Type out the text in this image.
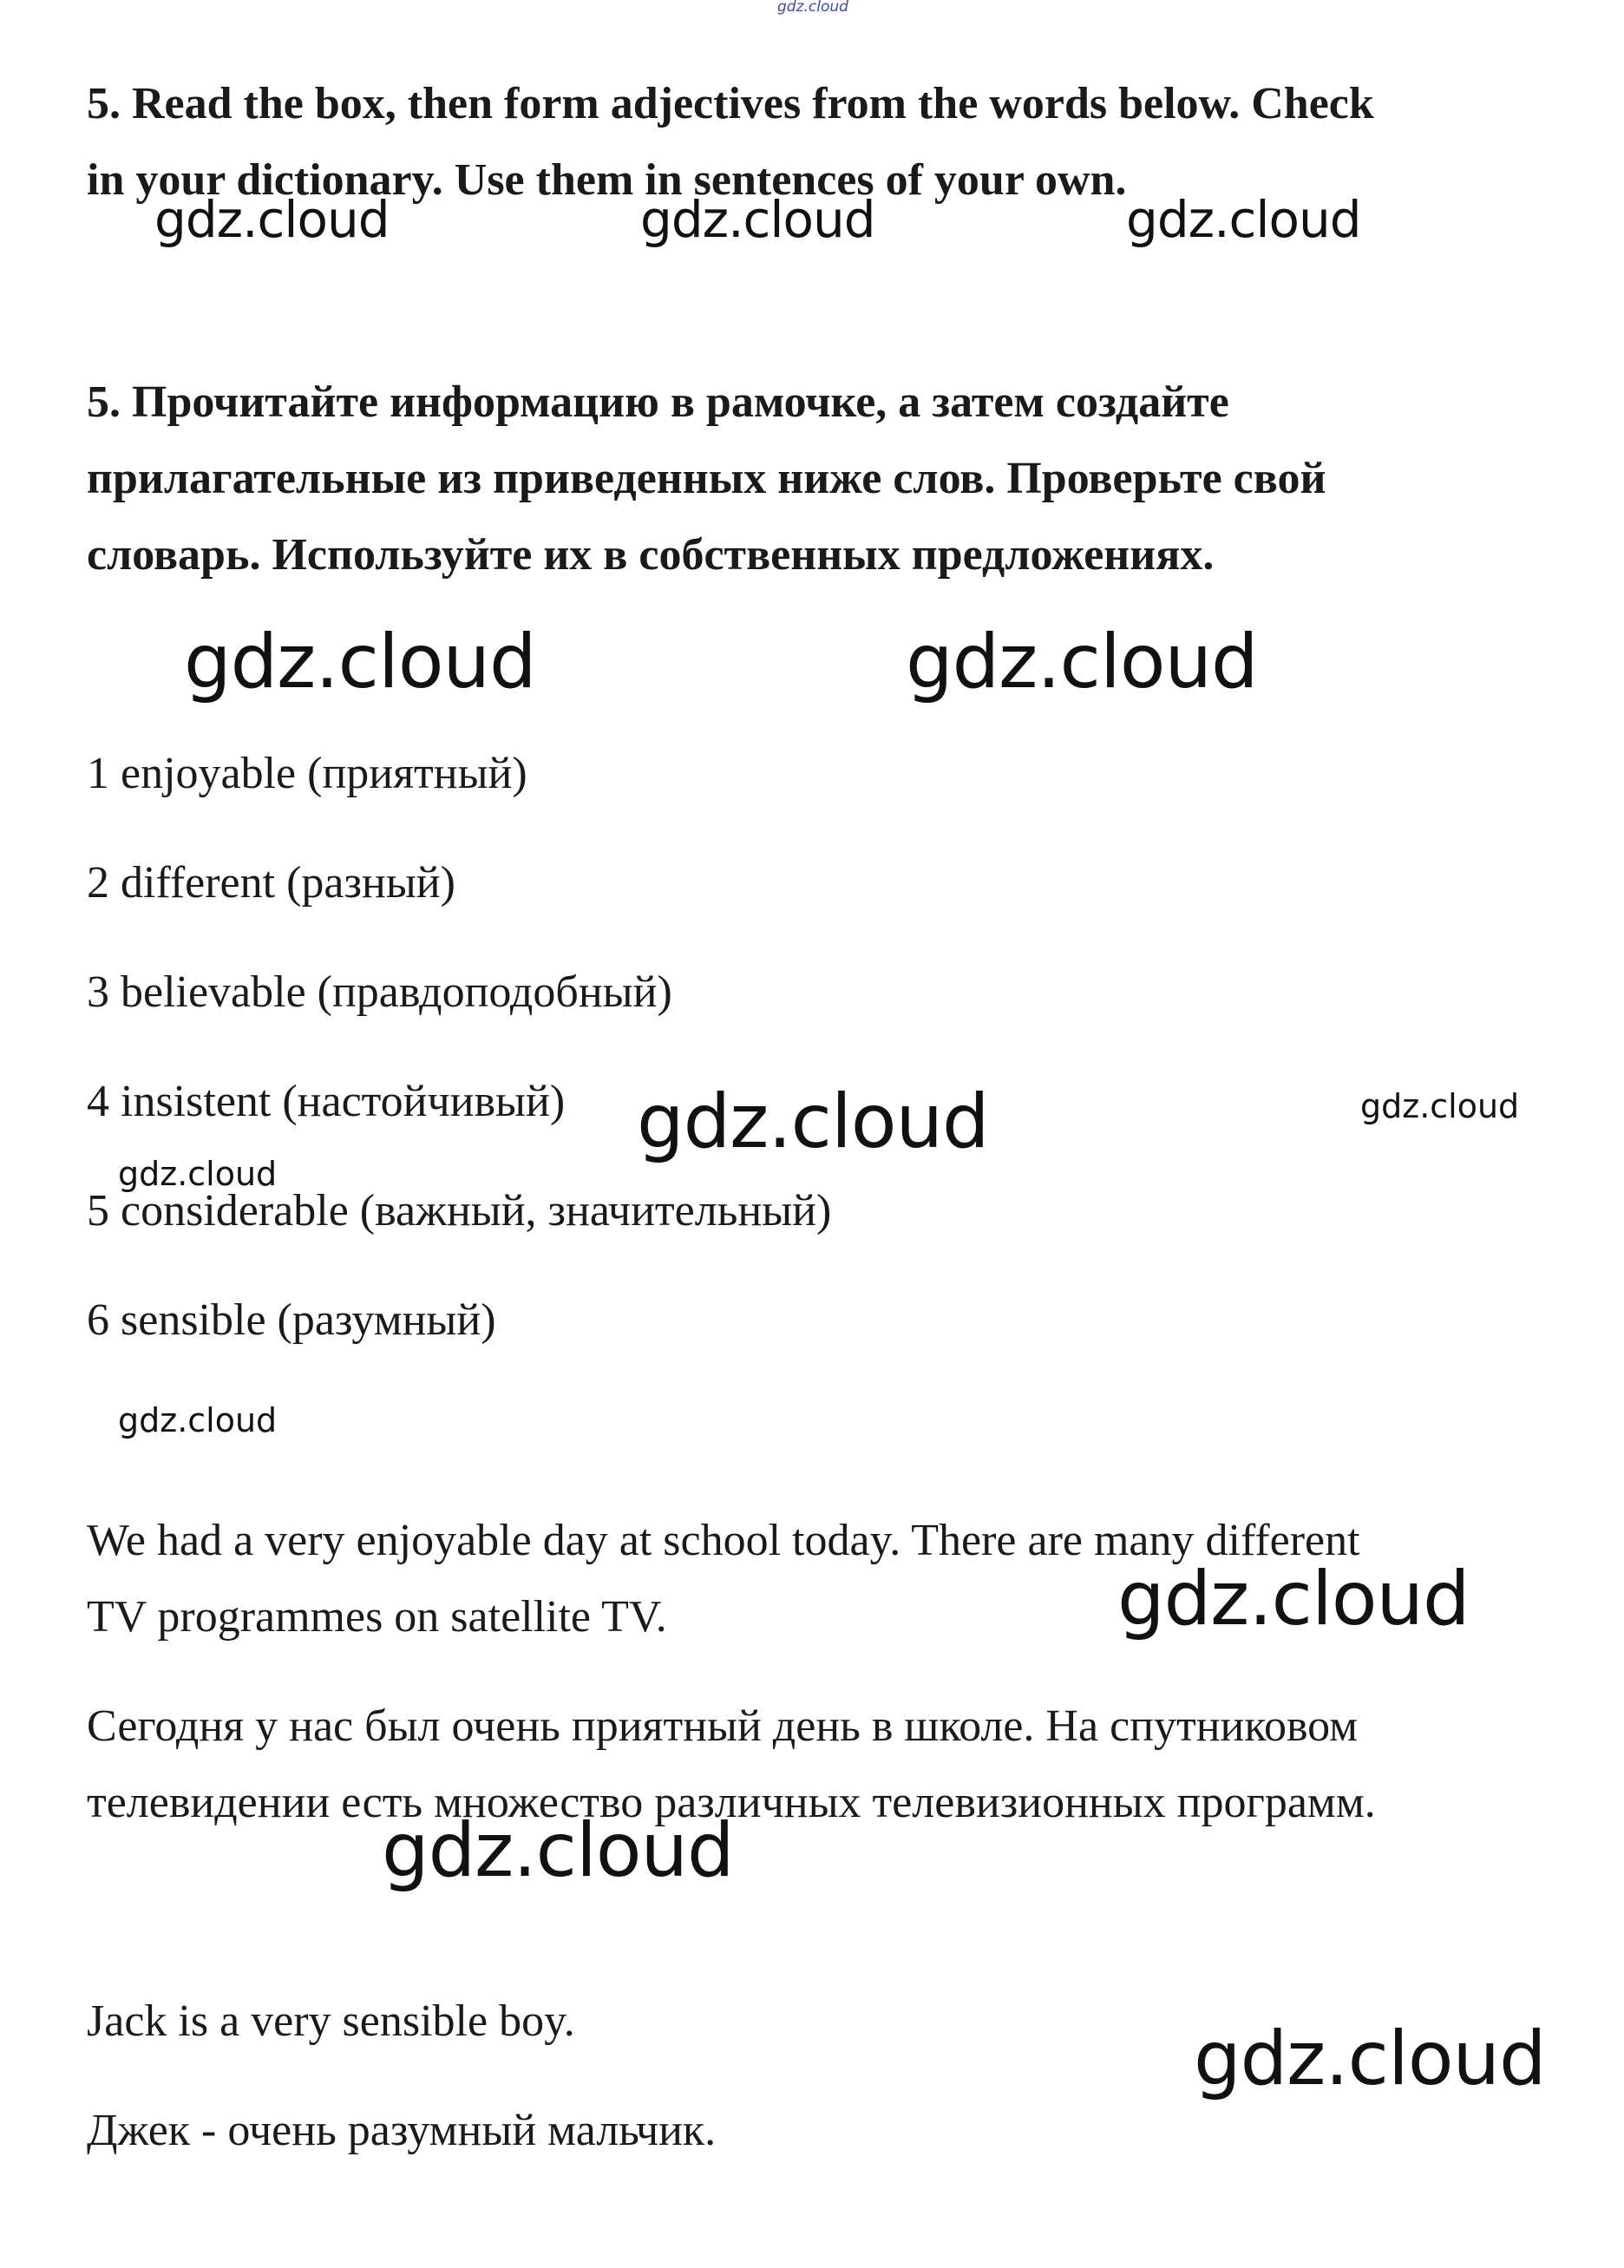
gdz.cloud
5. Read the box, then form adjectives from the words below. Check
in your dictionary. Use them in sentences of your own.
gdz.cloud	gdz.cloud	gdz.cloud
5. Прочитайте информацию в рамочке, а затем создайте
прилагательные из приведенных ниже слов. Проверьте свой
словарь. Используйте их в собственных предложениях.
gdz.cloud	gdz.cloud
1 enjoyable (приятный)
2 different (разный)
3 believable (правдоподобный)
4 insistent (настойчивый) gdz.cloud	gdz.cloud
gdz.cloud
5 considerable (важный, значительный)
6 sensible (разумный)
gdz.cloud
We had a very enjoyable day at school today. There are many different
TV programmes on satellite TV.	gdz.cloud
Сегодня у нас был очень приятный день в школе. На спутниковом
телевидении есть множество различных телевизионных программ.
gdz.cloud
Jack is a very sensible boy.	gdz.cloud
Джек - очень разумный мальчик.
